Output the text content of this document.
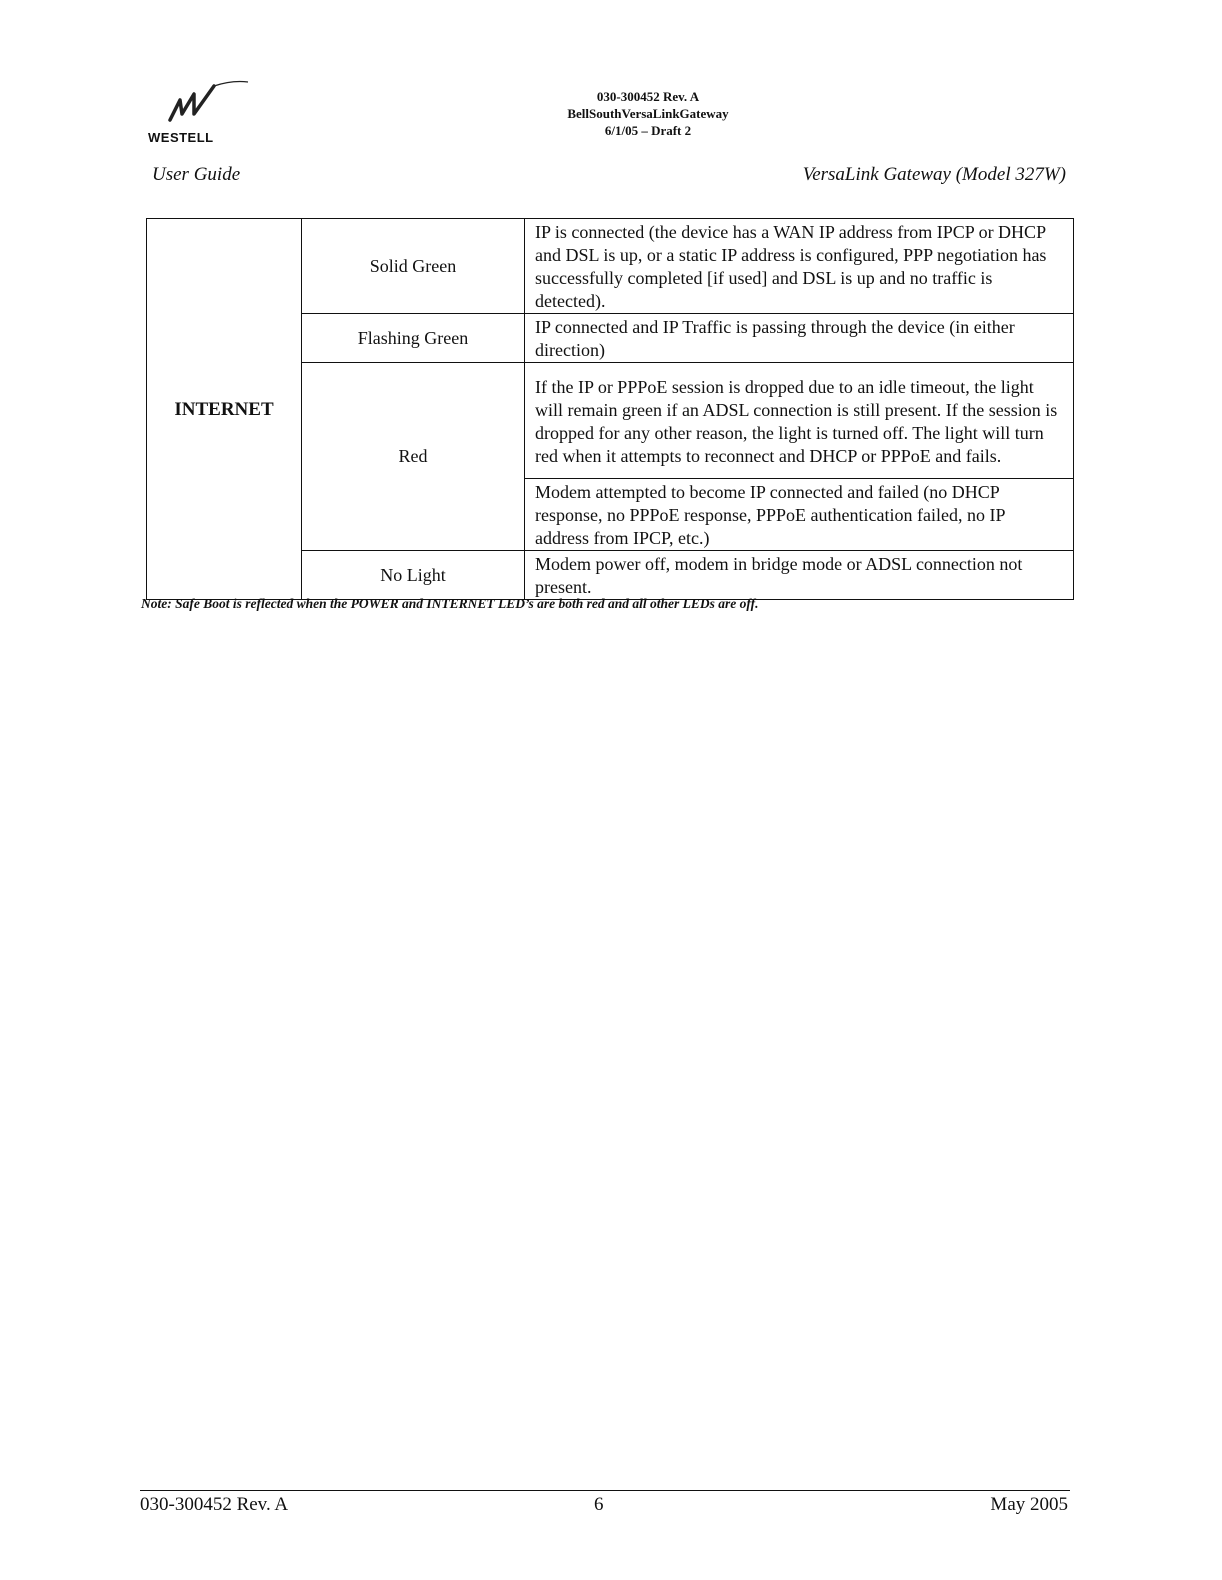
WESTELL
030-300452 Rev. A
BellSouthVersaLinkGateway
6/1/05 – Draft 2
User Guide	VersaLink Gateway (Model 327W)
INTERNET	Solid Green	IP is connected (the device has a WAN IP address from IPCP or DHCP and DSL is up, or a static IP address is configured, PPP negotiation has successfully completed [if used] and DSL is up and no traffic is detected).
	Flashing Green	IP connected and IP Traffic is passing through the device (in either direction)
	Red	If the IP or PPPoE session is dropped due to an idle timeout, the light will remain green if an ADSL connection is still present. If the session is dropped for any other reason, the light is turned off. The light will turn red when it attempts to reconnect and DHCP or PPPoE and fails.
		Modem attempted to become IP connected and failed (no DHCP response, no PPPoE response, PPPoE authentication failed, no IP address from IPCP, etc.)
	No Light	Modem power off, modem in bridge mode or ADSL connection not present.
Note: Safe Boot is reflected when the POWER and INTERNET LED’s are both red and all other LEDs are off.
030-300452 Rev. A	6	May 2005
